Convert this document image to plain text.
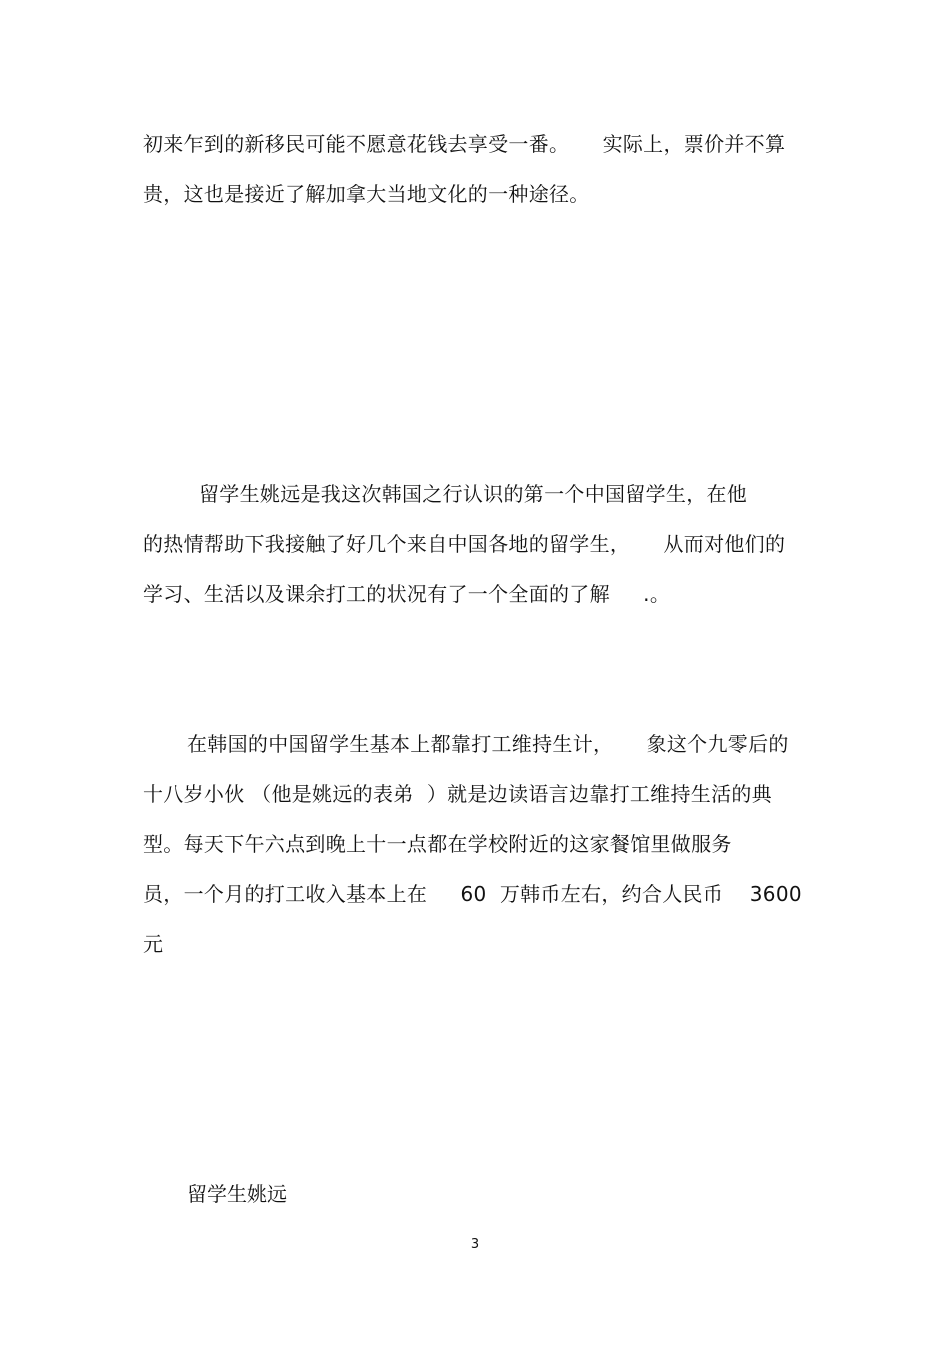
初来乍到的新移民可能不愿意花钱去享受一番。     实际上，票价并不算
贵，这也是接近了解加拿大当地文化的一种途径。
留学生姚远是我这次韩国之行认识的第一个中国留学生，在他
的热情帮助下我接触了好几个来自中国各地的留学生，     从而对他们的
学习、生活以及课余打工的状况有了一个全面的了解     .。
在韩国的中国留学生基本上都靠打工维持生计，     象这个九零后的
十八岁小伙 （他是姚远的表弟  ）就是边读语言边靠打工维持生活的典
型。每天下午六点到晚上十一点都在学校附近的这家餐馆里做服务
员，一个月的打工收入基本上在     60  万韩币左右，约合人民币    3600
元
留学生姚远
3
